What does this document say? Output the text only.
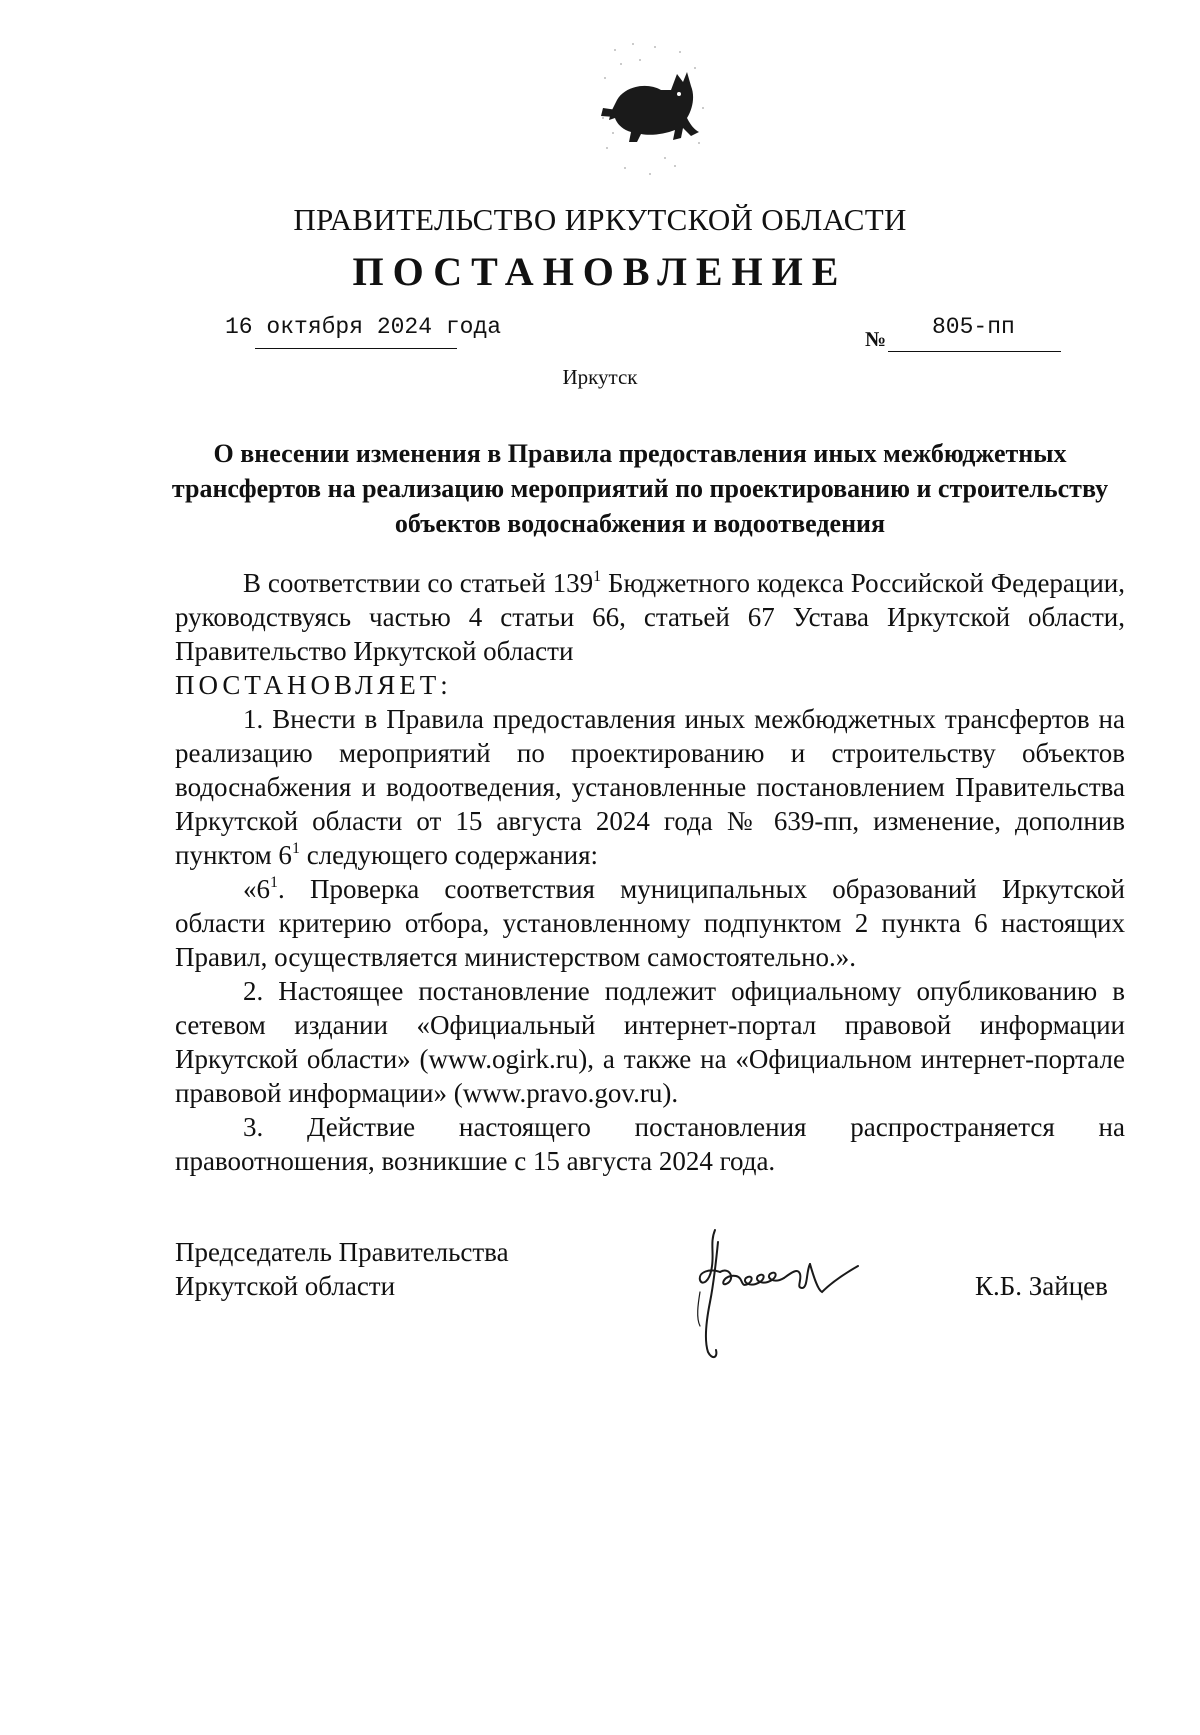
ПРАВИТЕЛЬСТВО ИРКУТСКОЙ ОБЛАСТИ
ПОСТАНОВЛЕНИЕ
16 октября 2024 года	№ 805-пп
Иркутск
О внесении изменения в Правила предоставления иных межбюджетных трансфертов на реализацию мероприятий по проектированию и строительству объектов водоснабжения и водоотведения

В соответствии со статьей $139^1$ Бюджетного кодекса Российской Федерации, руководствуясь частью 4 статьи 66, статьей 67 Устава Иркутской области, Правительство Иркутской области

ПОСТАНОВЛЯЕТ:

1. Внести в Правила предоставления иных межбюджетных трансфертов на реализацию мероприятий по проектированию и строительству объектов водоснабжения и водоотведения, установленные постановлением Правительства Иркутской области от 15 августа 2024 года № 639-пп, изменение, дополнив пунктом $6^1$ следующего содержания:

«$6^1$. Проверка соответствия муниципальных образований Иркутской области критерию отбора, установленному подпунктом 2 пункта 6 настоящих Правил, осуществляется министерством самостоятельно.».

2. Настоящее постановление подлежит официальному опубликованию в сетевом издании «Официальный интернет-портал правовой информации Иркутской области» (www.ogirk.ru), а также на «Официальном интернет-портале правовой информации» (www.pravo.gov.ru).

3. Действие настоящего постановления распространяется на правоотношения, возникшие с 15 августа 2024 года.

Председатель Правительства
Иркутской области	К.Б. Зайцев
